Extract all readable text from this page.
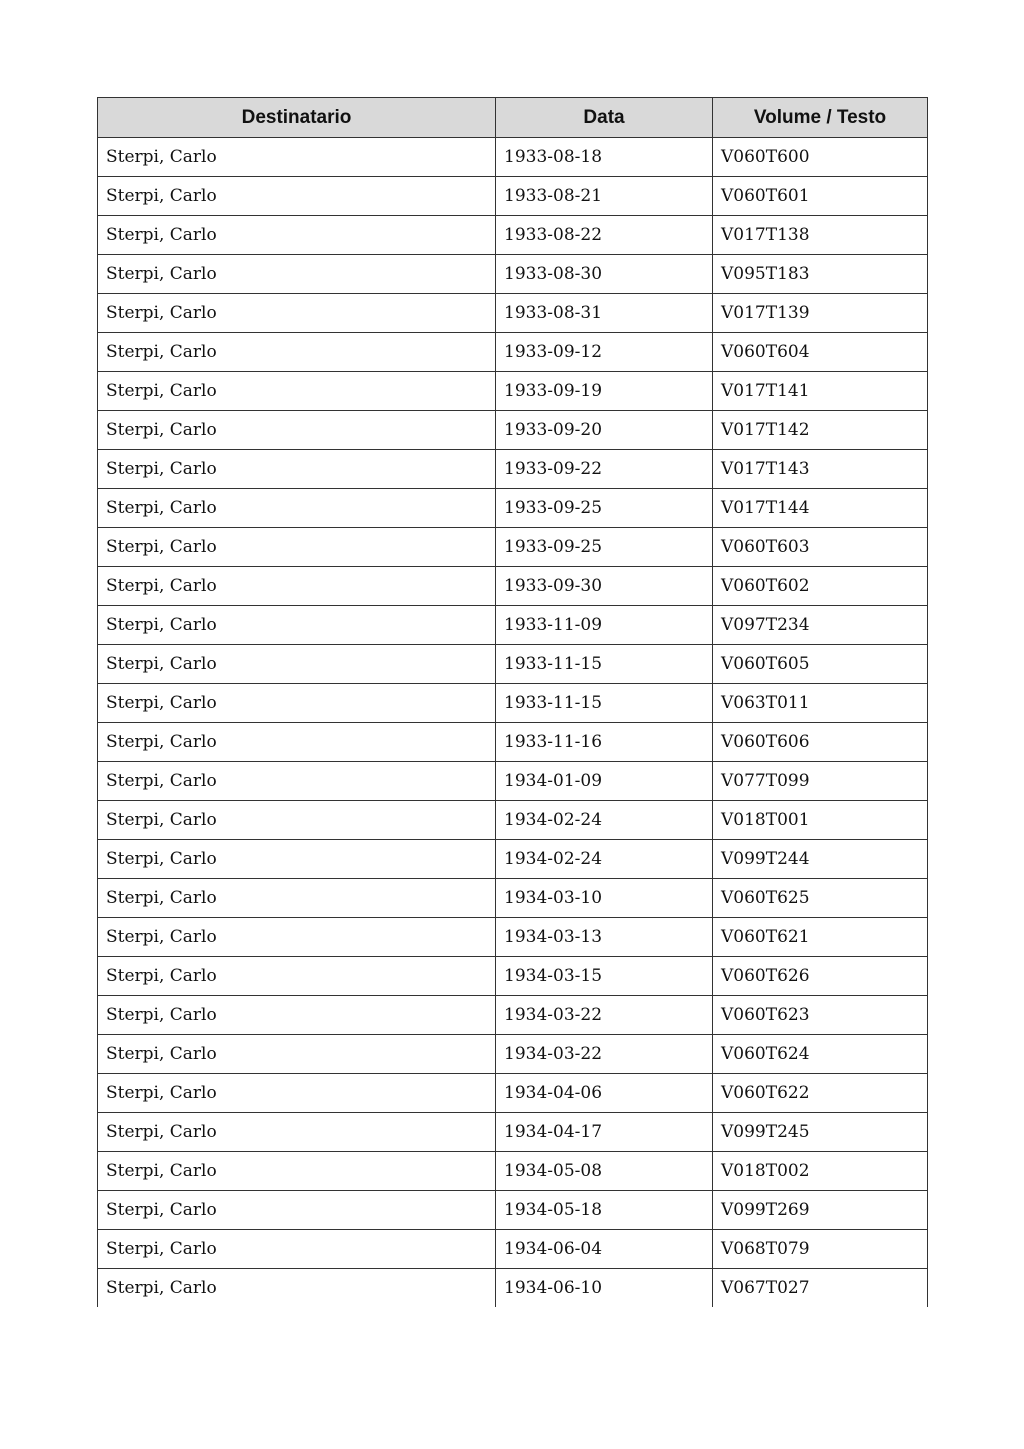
Destinatario	Data	Volume / Testo
Sterpi, Carlo	1933-08-18	V060T600
Sterpi, Carlo	1933-08-21	V060T601
Sterpi, Carlo	1933-08-22	V017T138
Sterpi, Carlo	1933-08-30	V095T183
Sterpi, Carlo	1933-08-31	V017T139
Sterpi, Carlo	1933-09-12	V060T604
Sterpi, Carlo	1933-09-19	V017T141
Sterpi, Carlo	1933-09-20	V017T142
Sterpi, Carlo	1933-09-22	V017T143
Sterpi, Carlo	1933-09-25	V017T144
Sterpi, Carlo	1933-09-25	V060T603
Sterpi, Carlo	1933-09-30	V060T602
Sterpi, Carlo	1933-11-09	V097T234
Sterpi, Carlo	1933-11-15	V060T605
Sterpi, Carlo	1933-11-15	V063T011
Sterpi, Carlo	1933-11-16	V060T606
Sterpi, Carlo	1934-01-09	V077T099
Sterpi, Carlo	1934-02-24	V018T001
Sterpi, Carlo	1934-02-24	V099T244
Sterpi, Carlo	1934-03-10	V060T625
Sterpi, Carlo	1934-03-13	V060T621
Sterpi, Carlo	1934-03-15	V060T626
Sterpi, Carlo	1934-03-22	V060T623
Sterpi, Carlo	1934-03-22	V060T624
Sterpi, Carlo	1934-04-06	V060T622
Sterpi, Carlo	1934-04-17	V099T245
Sterpi, Carlo	1934-05-08	V018T002
Sterpi, Carlo	1934-05-18	V099T269
Sterpi, Carlo	1934-06-04	V068T079
Sterpi, Carlo	1934-06-10	V067T027
